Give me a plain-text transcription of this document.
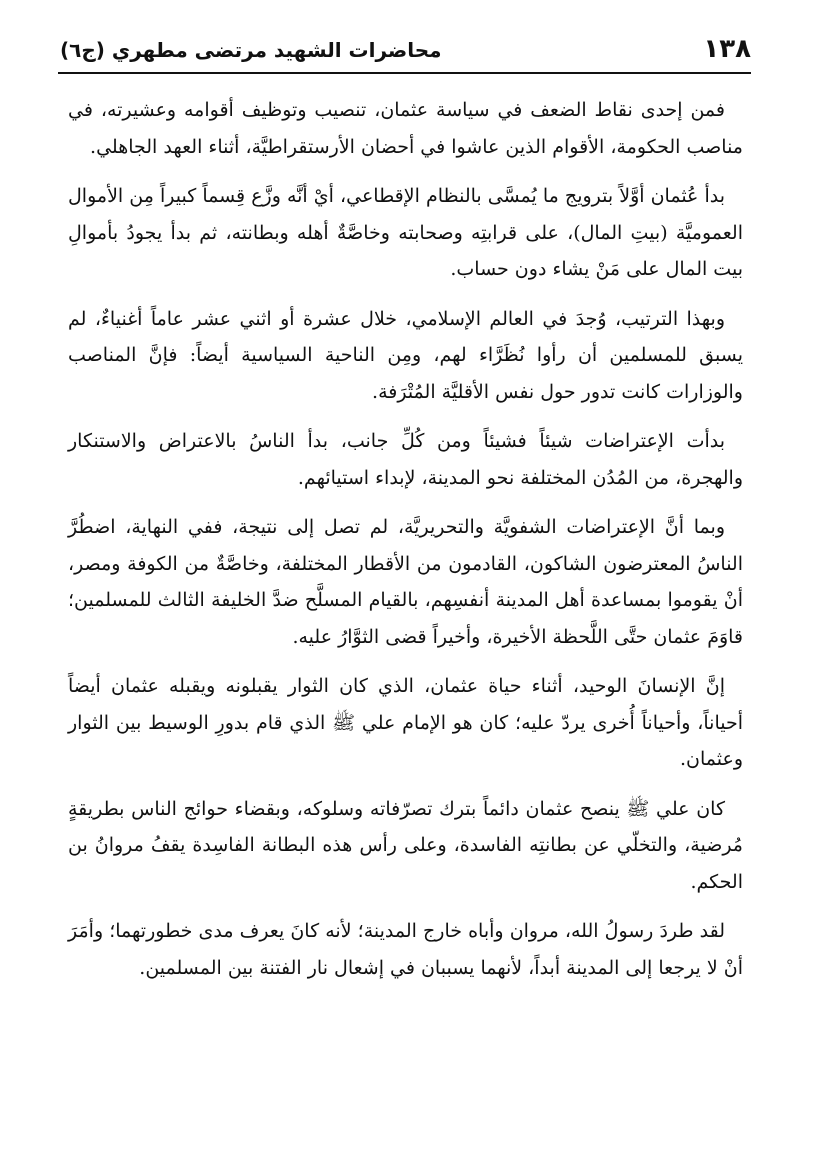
١٣٨
محاضرات الشهيد مرتضى مطهري (ج٦)

فمن إحدى نقاط الضعف في سياسة عثمان، تنصيب وتوظيف أقوامه وعشيرته، في مناصب الحكومة، الأقوام الذين عاشوا في أحضان الأرستقراطيَّة، أثناء العهد الجاهلي.

بدأ عُثمان أوَّلاً بترويج ما يُمسَّى بالنظام الإقطاعي، أيْ أنَّه وزَّع قِسماً كبيراً مِن الأموال العموميَّة (بيتِ المال)، على قرابتِه وصحابته وخاصَّةٌ أهله وبطانته، ثم بدأ يجودُ بأموالِ بيت المال على مَنْ يشاء دون حساب.

وبهذا الترتيب، وُجدَ في العالم الإسلامي، خلال عشرة أو اثني عشر عاماً أغنياءٌ، لم يسبق للمسلمين أن رأوا نُظَرَّاء لهم، ومِن الناحية السياسية أيضاً: فإنَّ المناصب والوزارات كانت تدور حول نفس الأقليَّة المُتْرَفة.

بدأت الإعتراضات شيئاً فشيئاً ومن كُلِّ جانب، بدأ الناسُ بالاعتراض والاستنكار والهجرة، من المُدُن المختلفة نحو المدينة، لإبداء استيائهم.

وبما أنَّ الإعتراضات الشفويَّة والتحريريَّة، لم تصل إلى نتيجة، ففي النهاية، اضطُرَّ الناسُ المعترضون الشاكون، القادمون من الأقطار المختلفة، وخاصَّةٌ من الكوفة ومصر، أنْ يقوموا بمساعدة أهل المدينة أنفسِهم، بالقيام المسلَّح ضدَّ الخليفة الثالث للمسلمين؛ قاوَمَ عثمان حتَّى اللَّحظة الأخيرة، وأخيراً قضى الثوَّارُ عليه.

إنَّ الإنسانَ الوحيد، أثناء حياة عثمان، الذي كان الثوار يقبلونه ويقبله عثمان أيضاً أحياناً، وأحياناً أُخرى يردّ عليه؛ كان هو الإمام علي ﷺ الذي قام بدورِ الوسيط بين الثوار وعثمان.

كان علي ﷺ ينصح عثمان دائماً بترك تصرّفاته وسلوكه، وبقضاء حوائج الناس بطريقةٍ مُرضية، والتخلّي عن بطانتِه الفاسدة، وعلى رأس هذه البطانة الفاسِدة يقفُ مروانُ بن الحكم.

لقد طردَ رسولُ الله، مروان وأباه خارج المدينة؛ لأنه كانَ يعرف مدى خطورتهما؛ وأمَرَ أنْ لا يرجعا إلى المدينة أبداً، لأنهما يسببان في إشعال نار الفتنة بين المسلمين.
